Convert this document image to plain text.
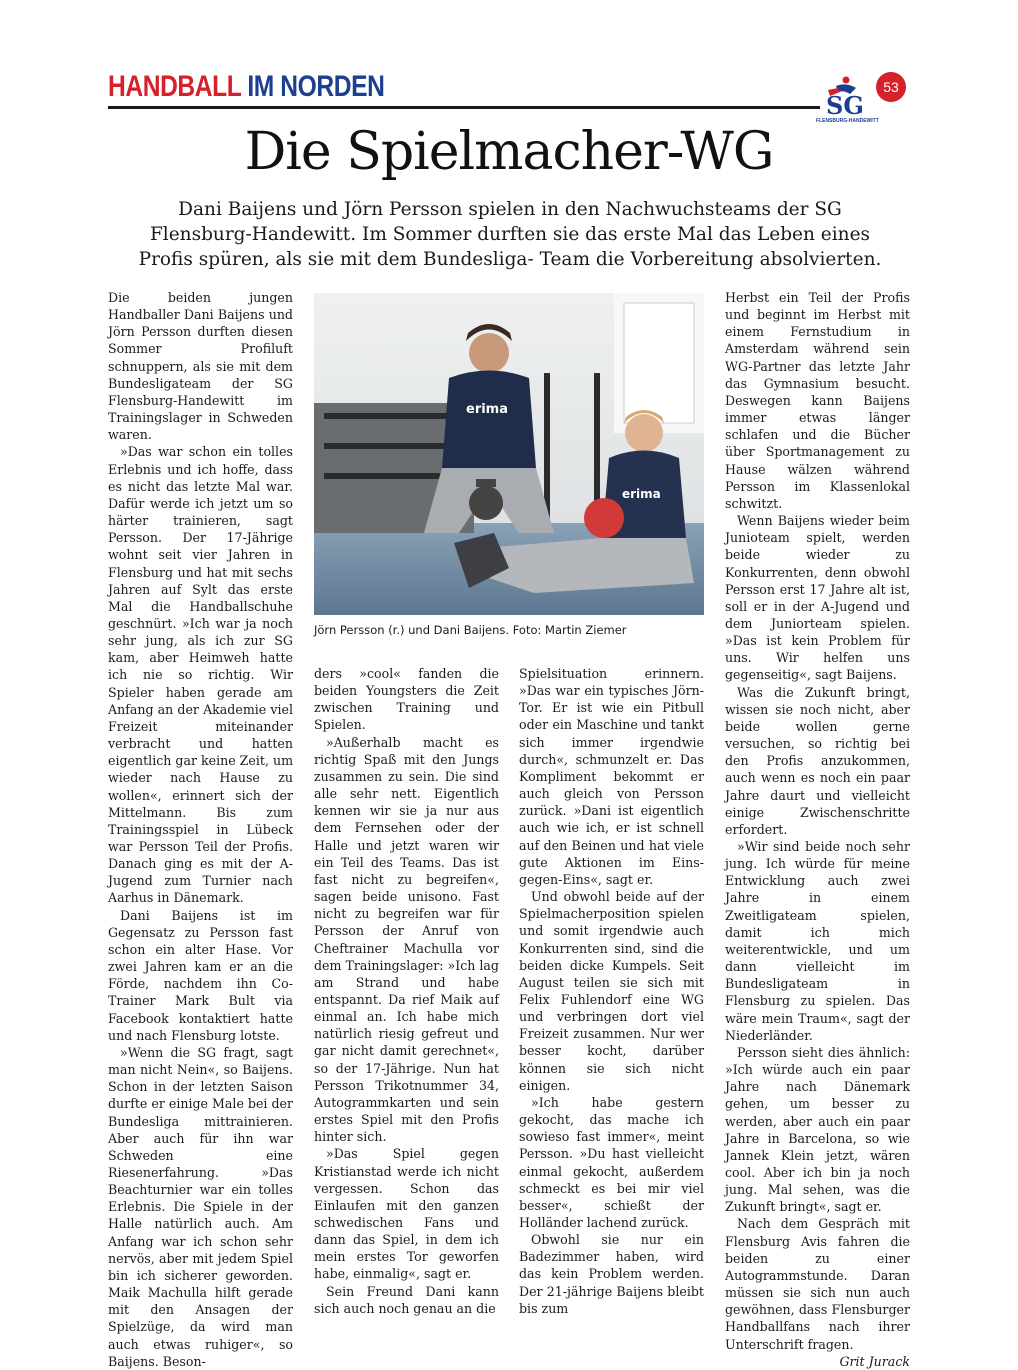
HANDBALL IM NORDEN
SG
FLENSBURG-HANDEWITT
53
Die Spielmacher-WG
Dani Baijens und Jörn Persson spielen in den Nachwuchsteams der SG Flensburg-Handewitt. Im Sommer durften sie das erste Mal das Leben eines Profis spüren, als sie mit dem Bundesliga- Team die Vorbereitung absolvierten.

Die beiden jungen Handballer Dani Baijens und Jörn Persson durften diesen Sommer Profiluft schnuppern, als sie mit dem Bundesligateam der SG Flensburg-Handewitt im Trainingslager in Schweden waren.

»Das war schon ein tolles Erlebnis und ich hoffe, dass es nicht das letzte Mal war. Dafür werde ich jetzt um so härter trainieren, sagt Persson. Der 17-Jährige wohnt seit vier Jahren in Flensburg und hat mit sechs Jahren auf Sylt das erste Mal die Handballschuhe geschnürt. »Ich war ja noch sehr jung, als ich zur SG kam, aber Heimweh hatte ich nie so richtig. Wir Spieler haben gerade am Anfang an der Akademie viel Freizeit miteinander verbracht und hatten eigentlich gar keine Zeit, um wieder nach Hause zu wollen«, erinnert sich der Mittelmann. Bis zum Trainingsspiel in Lübeck war Persson Teil der Profis. Danach ging es mit der A-Jugend zum Turnier nach Aarhus in Dänemark.

Dani Baijens ist im Gegensatz zu Persson fast schon ein alter Hase. Vor zwei Jahren kam er an die Förde, nachdem ihn Co-Trainer Mark Bult via Facebook kontaktiert hatte und nach Flensburg lotste.

»Wenn die SG fragt, sagt man nicht Nein«, so Baijens. Schon in der letzten Saison durfte er einige Male bei der Bundesliga mittrainieren. Aber auch für ihn war Schweden eine Riesenerfahrung. »Das Beachturnier war ein tolles Erlebnis. Die Spiele in der Halle natürlich auch. Am Anfang war ich schon sehr nervös, aber mit jedem Spiel bin ich sicherer geworden. Maik Machulla hilft gerade mit den Ansagen der Spielzüge, da wird man auch etwas ruhiger«, so Baijens. Beson-

erima
erima
Jörn Persson (r.) und Dani Baijens. Foto: Martin Ziemer

ders »cool« fanden die beiden Youngsters die Zeit zwischen Training und Spielen.

»Außerhalb macht es richtig Spaß mit den Jungs zusammen zu sein. Die sind alle sehr nett. Eigentlich kennen wir sie ja nur aus dem Fernsehen oder der Halle und jetzt waren wir ein Teil des Teams. Das ist fast nicht zu begreifen«, sagen beide unisono. Fast nicht zu begreifen war für Persson der Anruf von Cheftrainer Machulla vor dem Trainingslager: »Ich lag am Strand und habe entspannt. Da rief Maik auf einmal an. Ich habe mich natürlich riesig gefreut und gar nicht damit gerechnet«, so der 17-Jährige. Nun hat Persson Trikotnummer 34, Autogrammkarten und sein erstes Spiel mit den Profis hinter sich.

»Das Spiel gegen Kristianstad werde ich nicht vergessen. Schon das Einlaufen mit den ganzen schwedischen Fans und dann das Spiel, in dem ich mein erstes Tor geworfen habe, einmalig«, sagt er.

Sein Freund Dani kann sich auch noch genau an die

Spielsituation erinnern. »Das war ein typisches Jörn-Tor. Er ist wie ein Pitbull oder ein Maschine und tankt sich immer irgendwie durch«, schmunzelt er. Das Kompliment bekommt er auch gleich von Persson zurück. »Dani ist eigentlich auch wie ich, er ist schnell auf den Beinen und hat viele gute Aktionen im Eins-gegen-Eins«, sagt er.

Und obwohl beide auf der Spielmacherposition spielen und somit irgendwie auch Konkurrenten sind, sind die beiden dicke Kumpels. Seit August teilen sie sich mit Felix Fuhlendorf eine WG und verbringen dort viel Freizeit zusammen. Nur wer besser kocht, darüber können sie sich nicht einigen.

»Ich habe gestern gekocht, das mache ich sowieso fast immer«, meint Persson. »Du hast vielleicht einmal gekocht, außerdem schmeckt es bei mir viel besser«, schießt der Holländer lachend zurück.

Obwohl sie nur ein Badezimmer haben, wird das kein Problem werden. Der 21-jährige Baijens bleibt bis zum

Herbst ein Teil der Profis und beginnt im Herbst mit einem Fernstudium in Amsterdam während sein WG-Partner das letzte Jahr das Gymnasium besucht. Deswegen kann Baijens immer etwas länger schlafen und die Bücher über Sportmanagement zu Hause wälzen während Persson im Klassenlokal schwitzt.

Wenn Baijens wieder beim Junioteam spielt, werden beide wieder zu Konkurrenten, denn obwohl Persson erst 17 Jahre alt ist, soll er in der A-Jugend und dem Juniorteam spielen. »Das ist kein Problem für uns. Wir helfen uns gegenseitig«, sagt Baijens.

Was die Zukunft bringt, wissen sie noch nicht, aber beide wollen gerne versuchen, so richtig bei den Profis anzukommen, auch wenn es noch ein paar Jahre daurt und vielleicht einige Zwischenschritte erfordert.

»Wir sind beide noch sehr jung. Ich würde für meine Entwicklung auch zwei Jahre in einem Zweitligateam spielen, damit ich mich weiterentwickle, und um dann vielleicht im Bundesligateam in Flensburg zu spielen. Das wäre mein Traum«, sagt der Niederländer.

Persson sieht dies ähnlich: »Ich würde auch ein paar Jahre nach Dänemark gehen, um besser zu werden, aber auch ein paar Jahre in Barcelona, so wie Jannek Klein jetzt, wären cool. Aber ich bin ja noch jung. Mal sehen, was die Zukunft bringt«, sagt er.

Nach dem Gespräch mit Flensburg Avis fahren die beiden zu einer Autogrammstunde. Daran müssen sie sich nun auch gewöhnen, dass Flensburger Handballfans nach ihrer Unterschrift fragen.
Grit Jurack
